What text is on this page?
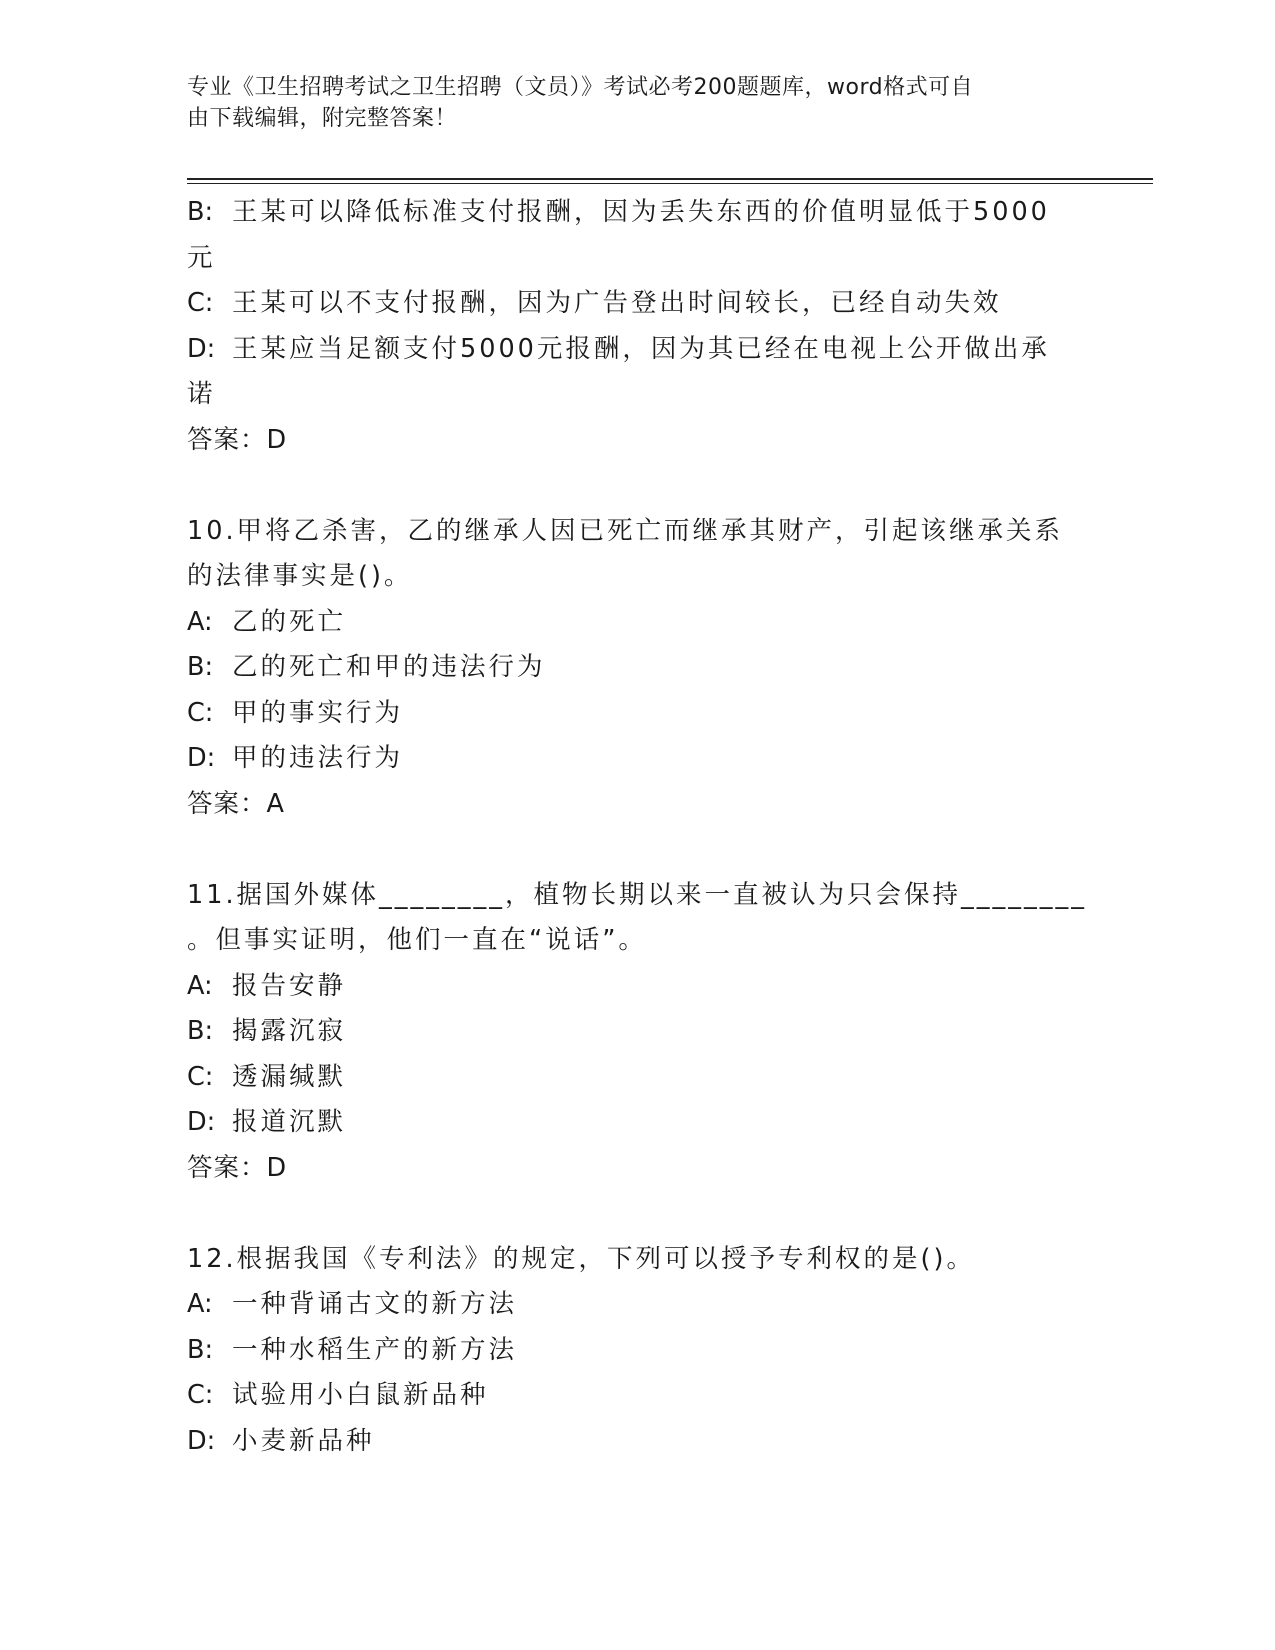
专业《卫生招聘考试之卫生招聘（文员）》考试必考200题题库，word格式可自
由下载编辑，附完整答案！
B: 王某可以降低标准支付报酬，因为丢失东西的价值明显低于5000
元
C: 王某可以不支付报酬，因为广告登出时间较长，已经自动失效
D: 王某应当足额支付5000元报酬，因为其已经在电视上公开做出承
诺
答案：D
10.甲将乙杀害，乙的继承人因已死亡而继承其财产，引起该继承关系
的法律事实是()。
A: 乙的死亡
B: 乙的死亡和甲的违法行为
C: 甲的事实行为
D: 甲的违法行为
答案：A
11.据国外媒体________，植物长期以来一直被认为只会保持________
。但事实证明，他们一直在“说话”。
A: 报告安静
B: 揭露沉寂
C: 透漏缄默
D: 报道沉默
答案：D
12.根据我国《专利法》的规定，下列可以授予专利权的是()。
A: 一种背诵古文的新方法
B: 一种水稻生产的新方法
C: 试验用小白鼠新品种
D: 小麦新品种
